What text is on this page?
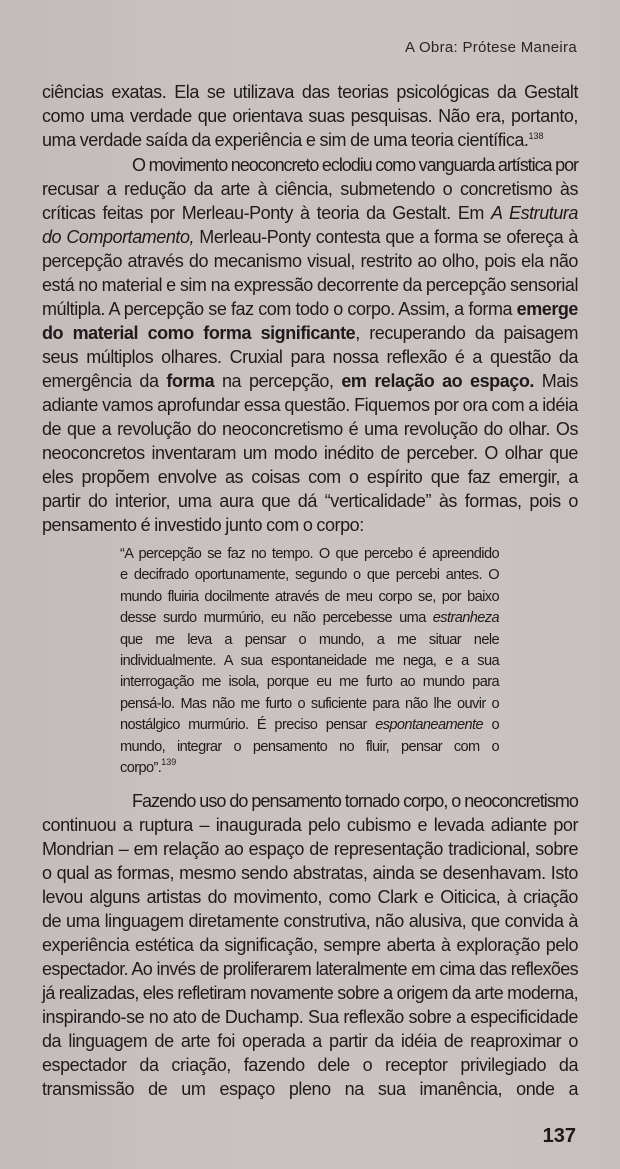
A Obra: Prótese Maneira
ciências exatas. Ela se utilizava das teorias psicológicas da Gestalt
como uma verdade que orientava suas pesquisas. Não era, portanto,
uma verdade saída da experiência e sim de uma teoria científica.$^{138}$
O movimento neoconcreto eclodiu como vanguarda artística por
recusar a redução da arte à ciência, submetendo o concretismo às
críticas feitas por Merleau-Ponty à teoria da Gestalt. Em A Estrutura
do Comportamento, Merleau-Ponty contesta que a forma se ofereça à
percepção através do mecanismo visual, restrito ao olho, pois ela não
está no material e sim na expressão decorrente da percepção sensorial
múltipla. A percepção se faz com todo o corpo. Assim, a forma emerge
do material como forma significante, recuperando da paisagem
seus múltiplos olhares. Cruxial para nossa reflexão é a questão da
emergência da forma na percepção, em relação ao espaço. Mais
adiante vamos aprofundar essa questão. Fiquemos por ora com a idéia
de que a revolução do neoconcretismo é uma revolução do olhar. Os
neoconcretos inventaram um modo inédito de perceber. O olhar que
eles propõem envolve as coisas com o espírito que faz emergir, a
partir do interior, uma aura que dá “verticalidade” às formas, pois o
pensamento é investido junto com o corpo:
“A percepção se faz no tempo. O que percebo é apreendido
e decifrado oportunamente, segundo o que percebi antes. O
mundo fluiria docilmente através de meu corpo se, por baixo
desse surdo murmúrio, eu não percebesse uma estranheza
que me leva a pensar o mundo, a me situar nele
individualmente. A sua espontaneidade me nega, e a sua
interrogação me isola, porque eu me furto ao mundo para
pensá-lo. Mas não me furto o suficiente para não lhe ouvir o
nostálgico murmúrio. É preciso pensar espontaneamente o
mundo, integrar o pensamento no fluir, pensar com o
corpo”.$^{139}$
Fazendo uso do pensamento tornado corpo, o neoconcretismo
continuou a ruptura – inaugurada pelo cubismo e levada adiante por
Mondrian – em relação ao espaço de representação tradicional, sobre
o qual as formas, mesmo sendo abstratas, ainda se desenhavam. Isto
levou alguns artistas do movimento, como Clark e Oiticica, à criação
de uma linguagem diretamente construtiva, não alusiva, que convida à
experiência estética da significação, sempre aberta à exploração pelo
espectador. Ao invés de proliferarem lateralmente em cima das reflexões
já realizadas, eles refletiram novamente sobre a origem da arte moderna,
inspirando-se no ato de Duchamp. Sua reflexão sobre a especificidade
da linguagem de arte foi operada a partir da idéia de reaproximar o
espectador da criação, fazendo dele o receptor privilegiado da
transmissão de um espaço pleno na sua imanência, onde a
137
